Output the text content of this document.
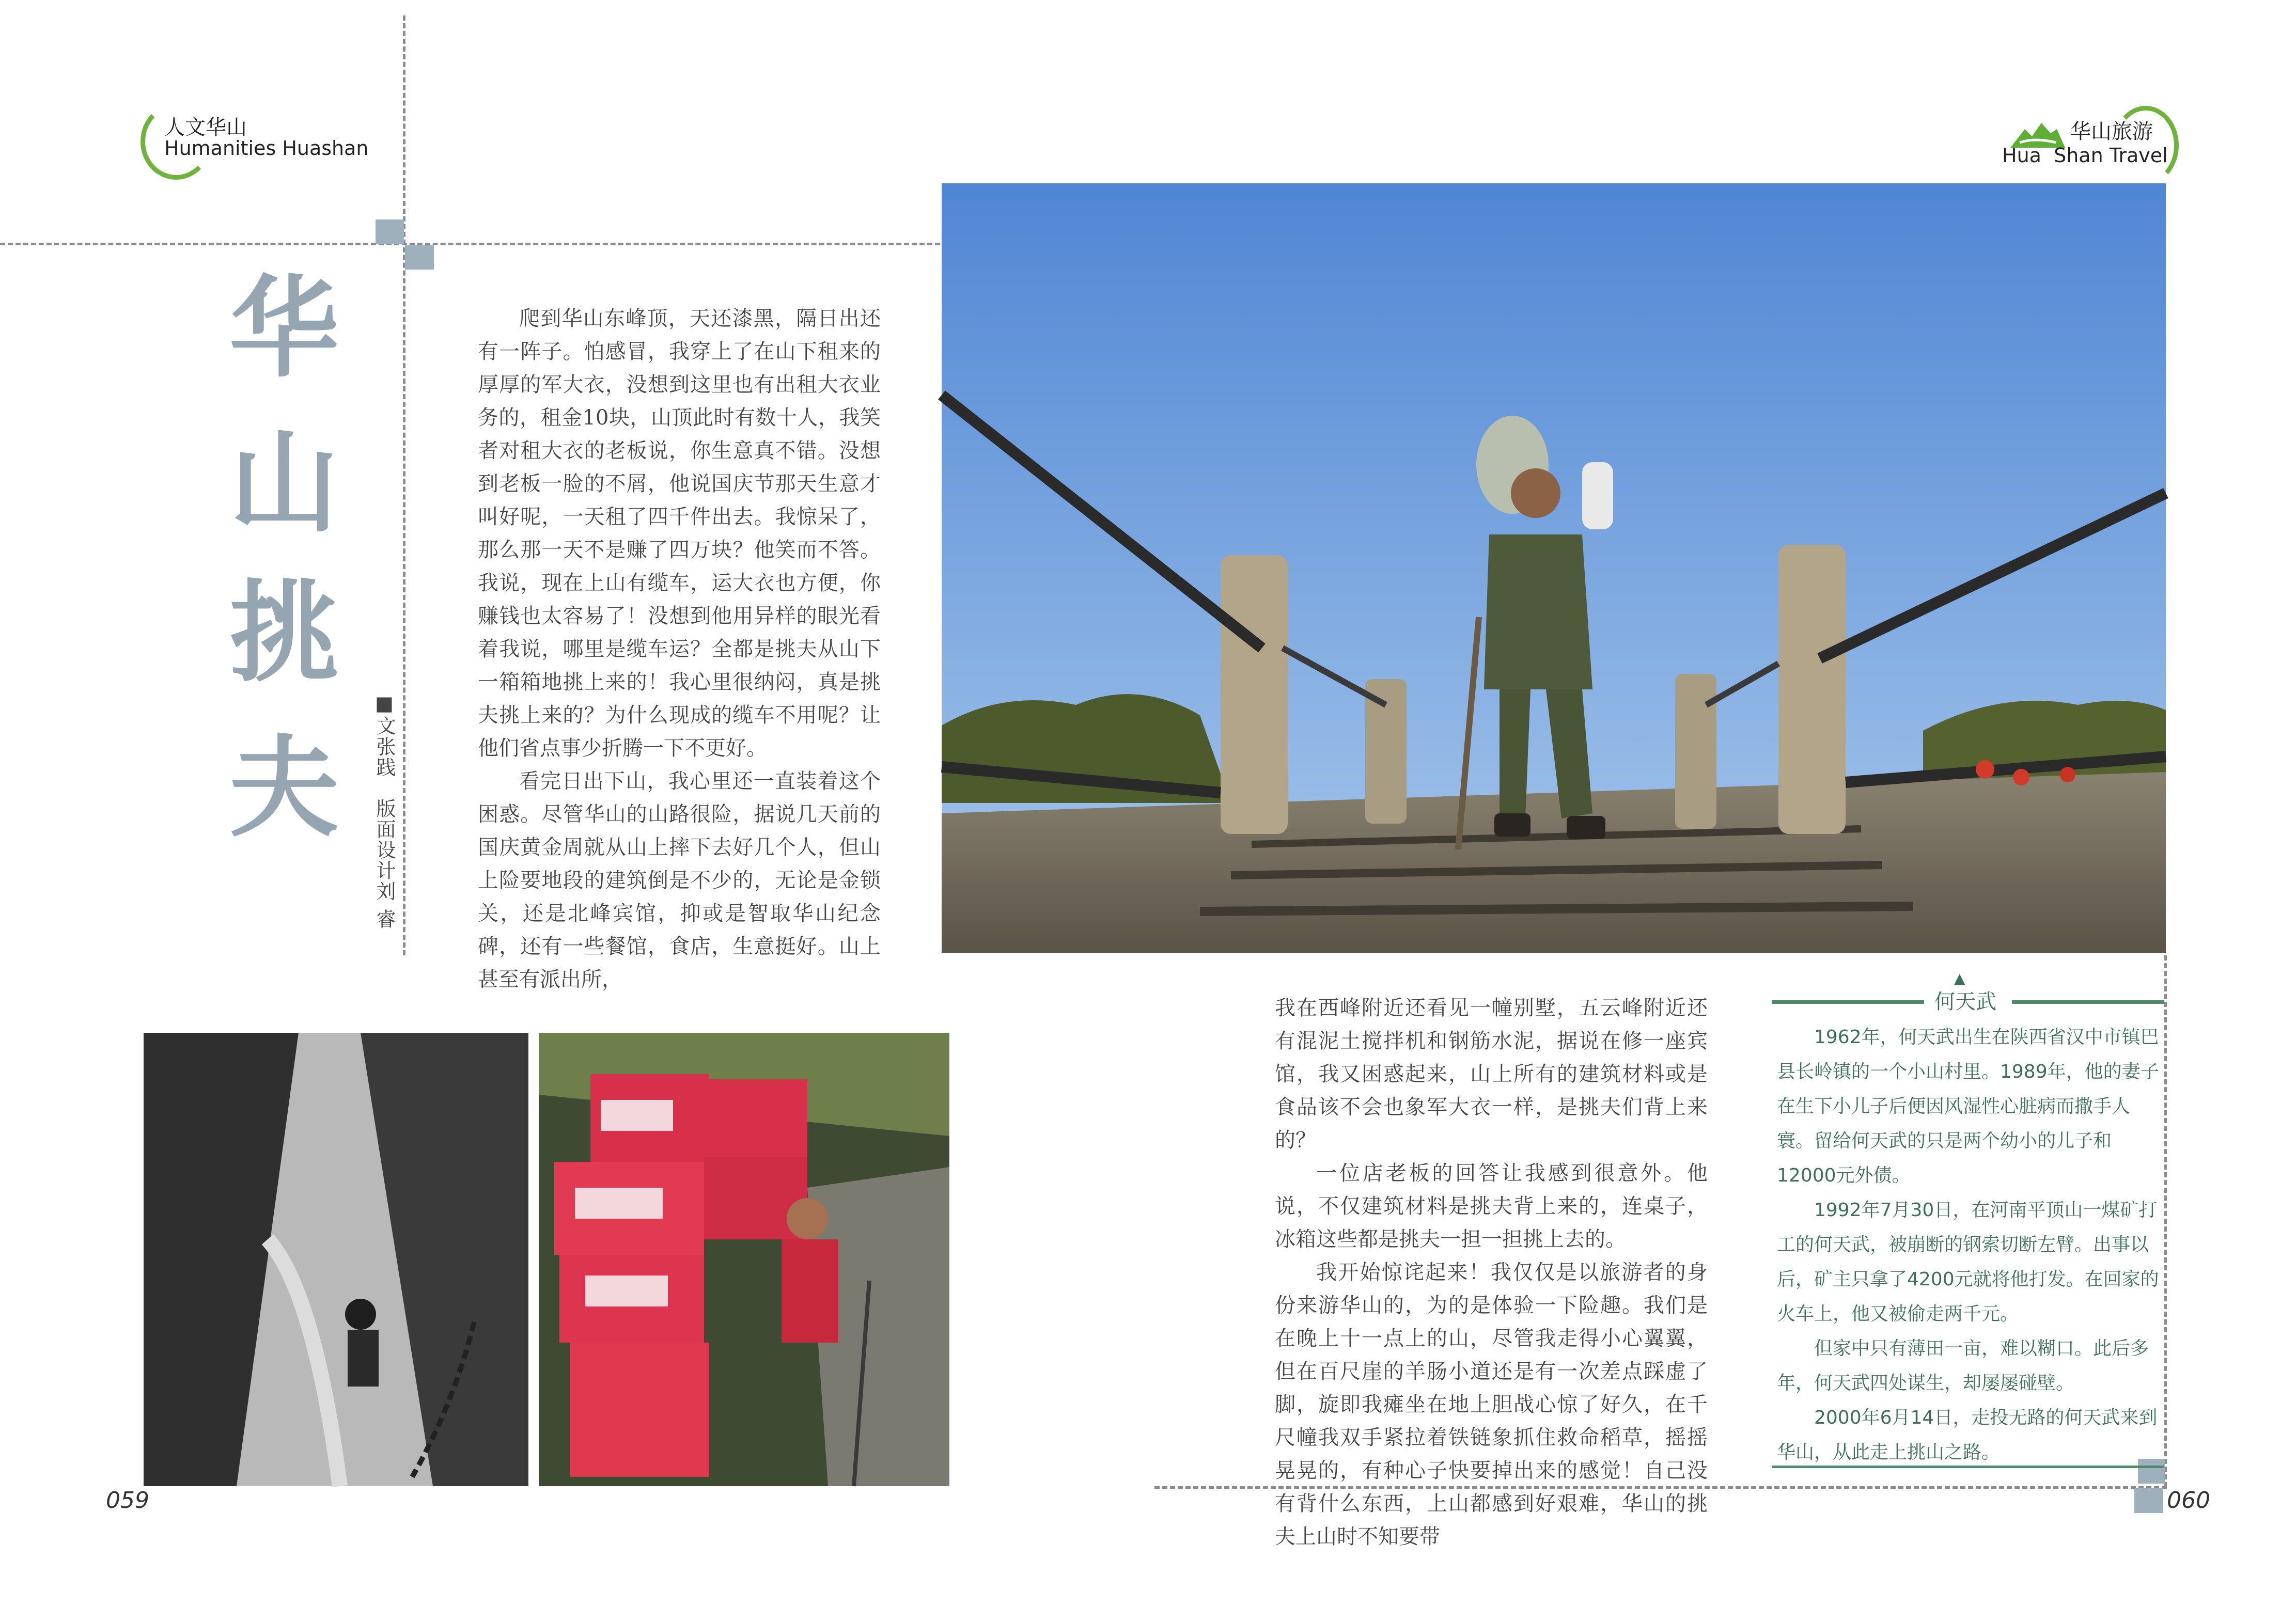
人文华山
Humanities Huashan
华山旅游
Hua  Shan Travel
华
山
挑
夫	■文张践　版面设计刘 睿

爬到华山东峰顶，天还漆黑，隔日出还有一阵子。怕感冒，我穿上了在山下租来的厚厚的军大衣，没想到这里也有出租大衣业务的，租金10块，山顶此时有数十人，我笑者对租大衣的老板说，你生意真不错。没想到老板一脸的不屑，他说国庆节那天生意才叫好呢，一天租了四千件出去。我惊呆了，那么那一天不是赚了四万块？他笑而不答。我说，现在上山有缆车，运大衣也方便，你赚钱也太容易了！没想到他用异样的眼光看着我说，哪里是缆车运？全都是挑夫从山下一箱箱地挑上来的！我心里很纳闷，真是挑夫挑上来的？为什么现成的缆车不用呢？让他们省点事少折腾一下不更好。

看完日出下山，我心里还一直装着这个困惑。尽管华山的山路很险，据说几天前的国庆黄金周就从山上摔下去好几个人，但山上险要地段的建筑倒是不少的，无论是金锁关，还是北峰宾馆，抑或是智取华山纪念碑，还有一些餐馆，食店，生意挺好。山上甚至有派出所，

我在西峰附近还看见一幢别墅，五云峰附近还有混泥土搅拌机和钢筋水泥，据说在修一座宾馆，我又困惑起来，山上所有的建筑材料或是食品该不会也象军大衣一样，是挑夫们背上来的？

一位店老板的回答让我感到很意外。他说，不仅建筑材料是挑夫背上来的，连桌子，冰箱这些都是挑夫一担一担挑上去的。

我开始惊诧起来！我仅仅是以旅游者的身份来游华山的，为的是体验一下险趣。我们是在晚上十一点上的山，尽管我走得小心翼翼，但在百尺崖的羊肠小道还是有一次差点踩虚了脚，旋即我瘫坐在地上胆战心惊了好久，在千尺幢我双手紧拉着铁链象抓住救命稻草，摇摇晃晃的，有种心子快要掉出来的感觉！自己没有背什么东西，上山都感到好艰难，华山的挑夫上山时不知要带

▲
何天武

1962年，何天武出生在陕西省汉中市镇巴县长岭镇的一个小山村里。1989年，他的妻子在生下小儿子后便因风湿性心脏病而撒手人寰。留给何天武的只是两个幼小的儿子和12000元外债。

1992年7月30日，在河南平顶山一煤矿打工的何天武，被崩断的钢索切断左臂。出事以后，矿主只拿了4200元就将他打发。在回家的火车上，他又被偷走两千元。

但家中只有薄田一亩，难以糊口。此后多年，何天武四处谋生，却屡屡碰壁。

2000年6月14日，走投无路的何天武来到华山，从此走上挑山之路。

059	060
